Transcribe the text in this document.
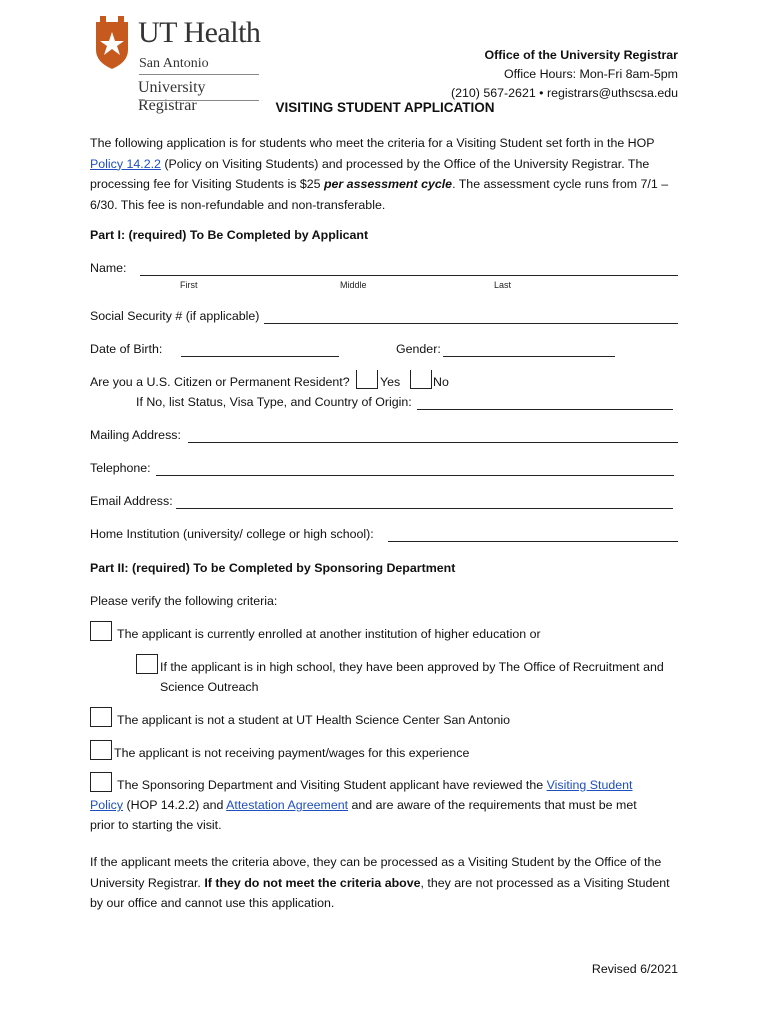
UT Health
San Antonio
University Registrar
Office of the University Registrar
Office Hours: Mon-Fri 8am-5pm
(210) 567-2621 • registrars@uthscsa.edu
VISITING STUDENT APPLICATION
The following application is for students who meet the criteria for a Visiting Student set forth in the HOP Policy 14.2.2 (Policy on Visiting Students) and processed by the Office of the University Registrar. The processing fee for Visiting Students is $25 per assessment cycle. The assessment cycle runs from 7/1 – 6/30. This fee is non-refundable and non-transferable.
Part I: (required) To Be Completed by Applicant
Name:
First	Middle	Last
Social Security # (if applicable)
Date of Birth:	Gender:
Are you a U.S. Citizen or Permanent Resident? Yes	No
If No, list Status, Visa Type, and Country of Origin:
Mailing Address:
Telephone:
Email Address:
Home Institution (university/ college or high school):
Part II: (required) To be Completed by Sponsoring Department
Please verify the following criteria:
The applicant is currently enrolled at another institution of higher education or
If the applicant is in high school, they have been approved by The Office of Recruitment and
Science Outreach
The applicant is not a student at UT Health Science Center San Antonio
The applicant is not receiving payment/wages for this experience
The Sponsoring Department and Visiting Student applicant have reviewed the Visiting Student
Policy (HOP 14.2.2) and Attestation Agreement and are aware of the requirements that must be met
prior to starting the visit.
If the applicant meets the criteria above, they can be processed as a Visiting Student by the Office of the University Registrar. If they do not meet the criteria above, they are not processed as a Visiting Student by our office and cannot use this application.
Revised 6/2021
